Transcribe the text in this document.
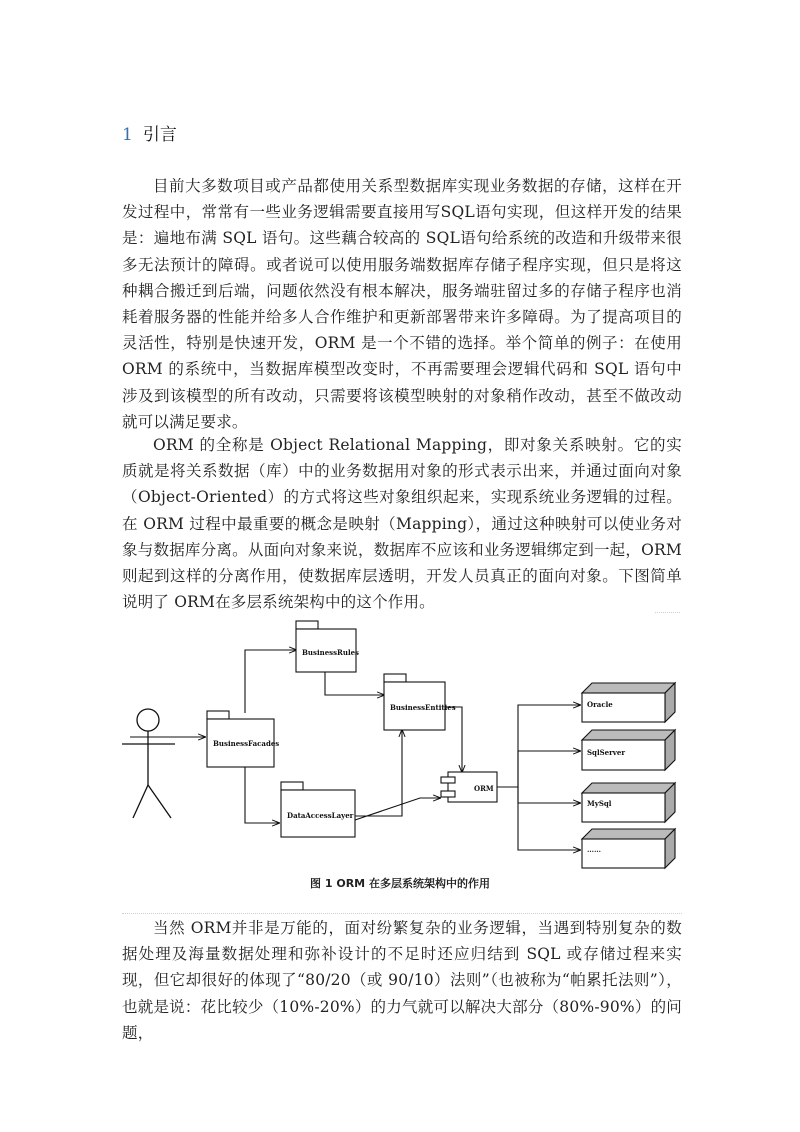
1 引言

目前大多数项目或产品都使用关系型数据库实现业务数据的存储，这样在开发过程中，常常有一些业务逻辑需要直接用写SQL语句实现，但这样开发的结果是：遍地布满 SQL 语句。这些藕合较高的 SQL语句给系统的改造和升级带来很多无法预计的障碍。或者说可以使用服务端数据库存储子程序实现，但只是将这种耦合搬迁到后端，问题依然没有根本解决，服务端驻留过多的存储子程序也消耗着服务器的性能并给多人合作维护和更新部署带来许多障碍。为了提高项目的灵活性，特别是快速开发，ORM 是一个不错的选择。举个简单的例子：在使用 ORM 的系统中，当数据库模型改变时，不再需要理会逻辑代码和 SQL 语句中涉及到该模型的所有改动，只需要将该模型映射的对象稍作改动，甚至不做改动就可以满足要求。

ORM 的全称是 Object Relational Mapping，即对象关系映射。它的实质就是将关系数据（库）中的业务数据用对象的形式表示出来，并通过面向对象（Object-Oriented）的方式将这些对象组织起来，实现系统业务逻辑的过程。在 ORM 过程中最重要的概念是映射（Mapping），通过这种映射可以使业务对象与数据库分离。从面向对象来说，数据库不应该和业务逻辑绑定到一起，ORM 则起到这样的分离作用，使数据库层透明，开发人员真正的面向对象。下图简单说明了 ORM在多层系统架构中的这个作用。

BusinessRules
BusinessEntities
BusinessFacades
DataAccessLayer
ORM
Oracle
SqlServer
MySql
……
图 1 ORM 在多层系统架构中的作用

当然 ORM并非是万能的，面对纷繁复杂的业务逻辑，当遇到特别复杂的数据处理及海量数据处理和弥补设计的不足时还应归结到 SQL 或存储过程来实现，但它却很好的体现了“80/20（或 90/10）法则”（也被称为“帕累托法则”），也就是说：花比较少（10%-20%）的力气就可以解决大部分（80%-90%）的问题，
